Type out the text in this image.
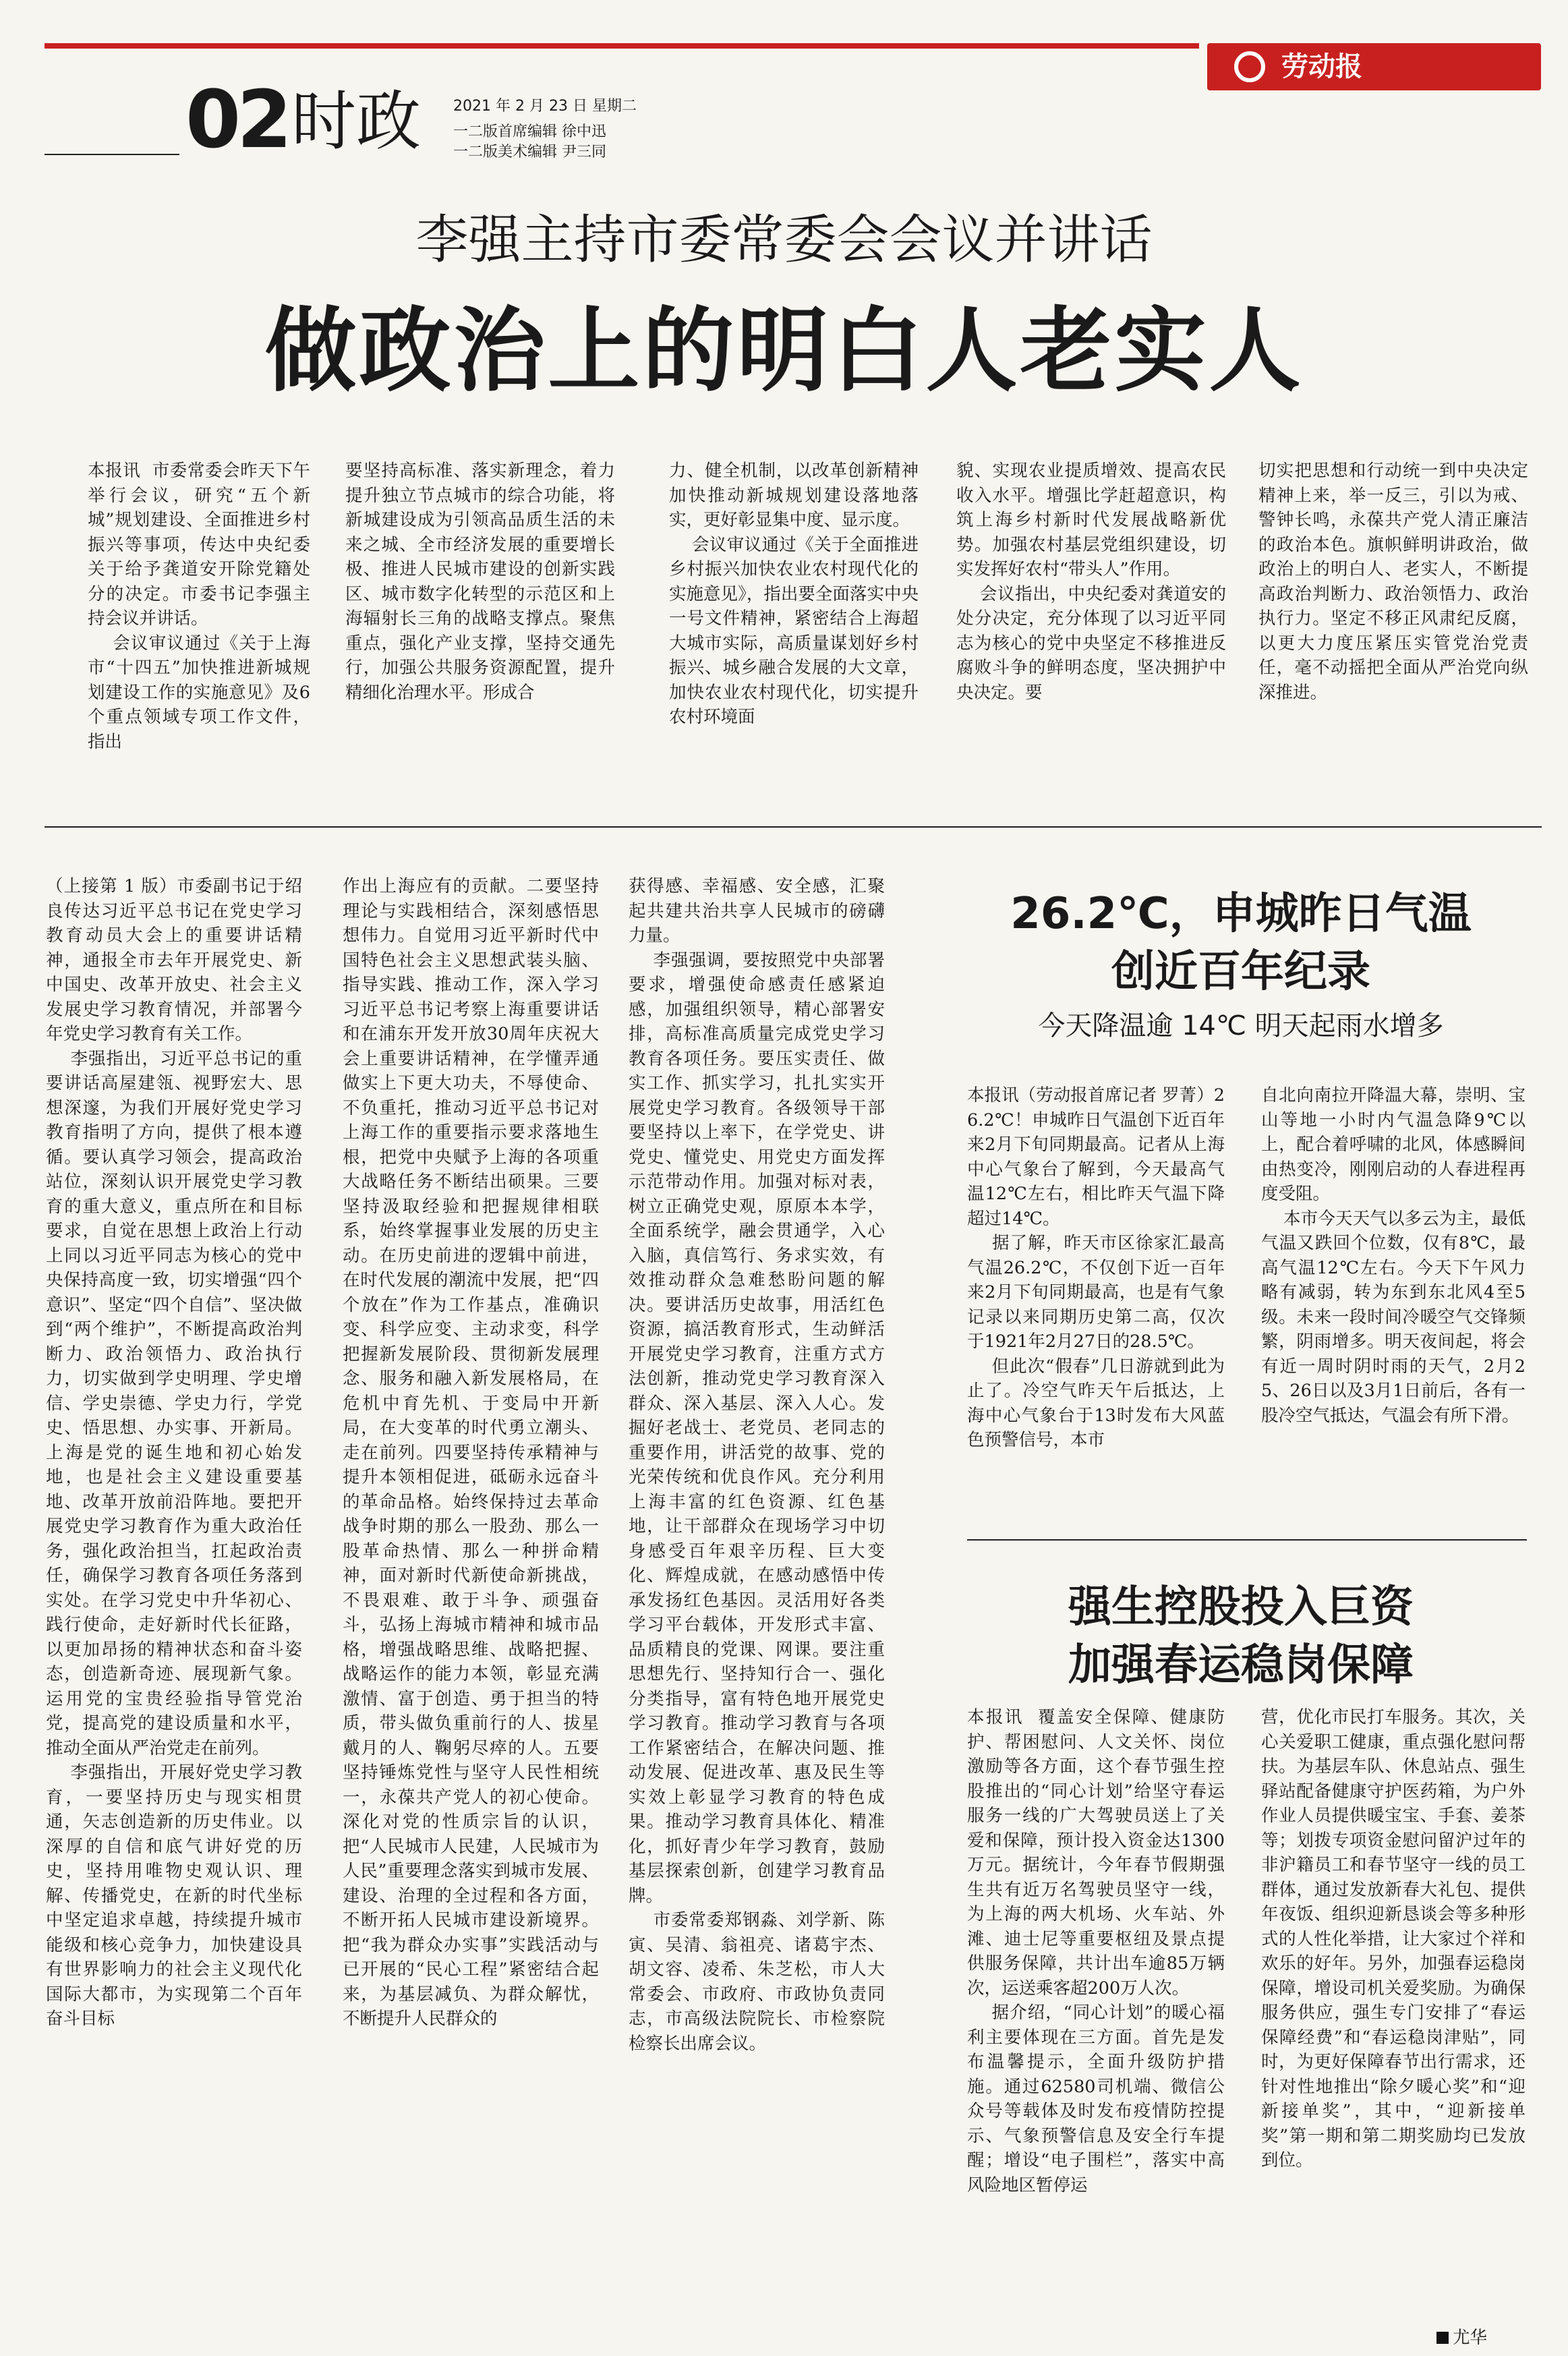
劳动报
02 时政 2021 年 2 月 23 日 星期二
一二版首席编辑 徐中迅
一二版美术编辑 尹三同
李强主持市委常委会会议并讲话
做政治上的明白人老实人
本报讯  市委常委会昨天下午举行会议，研究“五个新城”规划建设、全面推进乡村振兴等事项，传达中央纪委关于给予龚道安开除党籍处分的决定。市委书记李强主持会议并讲话。
会议审议通过《关于上海市“十四五”加快推进新城规划建设工作的实施意见》及6个重点领域专项工作文件，指出
要坚持高标准、落实新理念，着力提升独立节点城市的综合功能，将新城建设成为引领高品质生活的未来之城、全市经济发展的重要增长极、推进人民城市建设的创新实践区、城市数字化转型的示范区和上海辐射长三角的战略支撑点。聚焦重点，强化产业支撑，坚持交通先行，加强公共服务资源配置，提升精细化治理水平。形成合
力、健全机制，以改革创新精神加快推动新城规划建设落地落实，更好彰显集中度、显示度。
会议审议通过《关于全面推进乡村振兴加快农业农村现代化的实施意见》，指出要全面落实中央一号文件精神，紧密结合上海超大城市实际，高质量谋划好乡村振兴、城乡融合发展的大文章，加快农业农村现代化，切实提升农村环境面
貌、实现农业提质增效、提高农民收入水平。增强比学赶超意识，构筑上海乡村新时代发展战略新优势。加强农村基层党组织建设，切实发挥好农村“带头人”作用。
会议指出，中央纪委对龚道安的处分决定，充分体现了以习近平同志为核心的党中央坚定不移推进反腐败斗争的鲜明态度，坚决拥护中央决定。要
切实把思想和行动统一到中央决定精神上来，举一反三，引以为戒、警钟长鸣，永葆共产党人清正廉洁的政治本色。旗帜鲜明讲政治，做政治上的明白人、老实人，不断提高政治判断力、政治领悟力、政治执行力。坚定不移正风肃纪反腐，以更大力度压紧压实管党治党责任，毫不动摇把全面从严治党向纵深推进。
（上接第 1 版）市委副书记于绍良传达习近平总书记在党史学习教育动员大会上的重要讲话精神，通报全市去年开展党史、新中国史、改革开放史、社会主义发展史学习教育情况，并部署今年党史学习教育有关工作。
李强指出，习近平总书记的重要讲话高屋建瓴、视野宏大、思想深邃，为我们开展好党史学习教育指明了方向，提供了根本遵循。要认真学习领会，提高政治站位，深刻认识开展党史学习教育的重大意义，重点所在和目标要求，自觉在思想上政治上行动上同以习近平同志为核心的党中央保持高度一致，切实增强“四个意识”、坚定“四个自信”、坚决做到“两个维护”，不断提高政治判断力、政治领悟力、政治执行力，切实做到学史明理、学史增信、学史崇德、学史力行，学党史、悟思想、办实事、开新局。上海是党的诞生地和初心始发地，也是社会主义建设重要基地、改革开放前沿阵地。要把开展党史学习教育作为重大政治任务，强化政治担当，扛起政治责任，确保学习教育各项任务落到实处。在学习党史中升华初心、践行使命，走好新时代长征路，以更加昂扬的精神状态和奋斗姿态，创造新奇迹、展现新气象。运用党的宝贵经验指导管党治党，提高党的建设质量和水平，推动全面从严治党走在前列。
李强指出，开展好党史学习教育，一要坚持历史与现实相贯通，矢志创造新的历史伟业。以深厚的自信和底气讲好党的历史，坚持用唯物史观认识、理解、传播党史，在新的时代坐标中坚定追求卓越，持续提升城市能级和核心竞争力，加快建设具有世界影响力的社会主义现代化国际大都市，为实现第二个百年奋斗目标
作出上海应有的贡献。二要坚持理论与实践相结合，深刻感悟思想伟力。自觉用习近平新时代中国特色社会主义思想武装头脑、指导实践、推动工作，深入学习习近平总书记考察上海重要讲话和在浦东开发开放30周年庆祝大会上重要讲话精神，在学懂弄通做实上下更大功夫，不辱使命、不负重托，推动习近平总书记对上海工作的重要指示要求落地生根，把党中央赋予上海的各项重大战略任务不断结出硕果。三要坚持汲取经验和把握规律相联系，始终掌握事业发展的历史主动。在历史前进的逻辑中前进，在时代发展的潮流中发展，把“四个放在”作为工作基点，准确识变、科学应变、主动求变，科学把握新发展阶段、贯彻新发展理念、服务和融入新发展格局，在危机中育先机、于变局中开新局，在大变革的时代勇立潮头、走在前列。四要坚持传承精神与提升本领相促进，砥砺永远奋斗的革命品格。始终保持过去革命战争时期的那么一股劲、那么一股革命热情、那么一种拼命精神，面对新时代新使命新挑战，不畏艰难、敢于斗争、顽强奋斗，弘扬上海城市精神和城市品格，增强战略思维、战略把握、战略运作的能力本领，彰显充满激情、富于创造、勇于担当的特质，带头做负重前行的人、拔星戴月的人、鞠躬尽瘁的人。五要坚持锤炼党性与坚守人民性相统一，永葆共产党人的初心使命。深化对党的性质宗旨的认识，把“人民城市人民建，人民城市为人民”重要理念落实到城市发展、建设、治理的全过程和各方面，不断开拓人民城市建设新境界。把“我为群众办实事”实践活动与已开展的“民心工程”紧密结合起来，为基层减负、为群众解忧，不断提升人民群众的
获得感、幸福感、安全感，汇聚起共建共治共享人民城市的磅礴力量。
李强强调，要按照党中央部署要求，增强使命感责任感紧迫感，加强组织领导，精心部署安排，高标准高质量完成党史学习教育各项任务。要压实责任、做实工作、抓实学习，扎扎实实开展党史学习教育。各级领导干部要坚持以上率下，在学党史、讲党史、懂党史、用党史方面发挥示范带动作用。加强对标对表，树立正确党史观，原原本本学，全面系统学，融会贯通学，入心入脑，真信笃行、务求实效，有效推动群众急难愁盼问题的解决。要讲活历史故事，用活红色资源，搞活教育形式，生动鲜活开展党史学习教育，注重方式方法创新，推动党史学习教育深入群众、深入基层、深入人心。发掘好老战士、老党员、老同志的重要作用，讲活党的故事、党的光荣传统和优良作风。充分利用上海丰富的红色资源、红色基地，让干部群众在现场学习中切身感受百年艰辛历程、巨大变化、辉煌成就，在感动感悟中传承发扬红色基因。灵活用好各类学习平台载体，开发形式丰富、品质精良的党课、网课。要注重思想先行、坚持知行合一、强化分类指导，富有特色地开展党史学习教育。推动学习教育与各项工作紧密结合，在解决问题、推动发展、促进改革、惠及民生等实效上彰显学习教育的特色成果。推动学习教育具体化、精准化，抓好青少年学习教育，鼓励基层探索创新，创建学习教育品牌。
市委常委郑钢淼、刘学新、陈寅、吴清、翁祖亮、诸葛宇杰、胡文容、凌希、朱芝松，市人大常委会、市政府、市政协负责同志，市高级法院院长、市检察院检察长出席会议。
26.2℃，申城昨日气温
创近百年纪录
今天降温逾 14℃ 明天起雨水增多
本报讯（劳动报首席记者 罗菁）26.2℃！申城昨日气温创下近百年来2月下旬同期最高。记者从上海中心气象台了解到，今天最高气温12℃左右，相比昨天气温下降超过14℃。
据了解，昨天市区徐家汇最高气温26.2℃，不仅创下近一百年来2月下旬同期最高，也是有气象记录以来同期历史第二高，仅次于1921年2月27日的28.5℃。
但此次“假春”几日游就到此为止了。冷空气昨天午后抵达，上海中心气象台于13时发布大风蓝色预警信号，本市
自北向南拉开降温大幕，崇明、宝山等地一小时内气温急降9℃以上，配合着呼啸的北风，体感瞬间由热变冷，刚刚启动的人春进程再度受阻。
本市今天天气以多云为主，最低气温又跌回个位数，仅有8℃，最高气温12℃左右。今天下午风力略有减弱，转为东到东北风4至5级。未来一段时间冷暖空气交锋频繁，阴雨增多。明天夜间起，将会有近一周时阴时雨的天气，2月25、26日以及3月1日前后，各有一股冷空气抵达，气温会有所下滑。
强生控股投入巨资
加强春运稳岗保障
本报讯  覆盖安全保障、健康防护、帮困慰问、人文关怀、岗位激励等各方面，这个春节强生控股推出的“同心计划”给坚守春运服务一线的广大驾驶员送上了关爱和保障，预计投入资金达1300万元。据统计，今年春节假期强生共有近万名驾驶员坚守一线，为上海的两大机场、火车站、外滩、迪士尼等重要枢纽及景点提供服务保障，共计出车逾85万辆次，运送乘客超200万人次。
据介绍，“同心计划”的暖心福利主要体现在三方面。首先是发布温馨提示，全面升级防护措施。通过62580司机端、微信公众号等载体及时发布疫情防控提示、气象预警信息及安全行车提醒；增设“电子围栏”，落实中高风险地区暂停运
营，优化市民打车服务。其次，关心关爱职工健康，重点强化慰问帮扶。为基层车队、休息站点、强生驿站配备健康守护医药箱，为户外作业人员提供暖宝宝、手套、姜茶等；划拨专项资金慰问留沪过年的非沪籍员工和春节坚守一线的员工群体，通过发放新春大礼包、提供年夜饭、组织迎新恳谈会等多种形式的人性化举措，让大家过个祥和欢乐的好年。另外，加强春运稳岗保障，增设司机关爱奖励。为确保服务供应，强生专门安排了“春运保障经费”和“春运稳岗津贴”，同时，为更好保障春节出行需求，还针对性地推出“除夕暖心奖”和“迎新接单奖”，其中，“迎新接单奖”第一期和第二期奖励均已发放到位。
尤华
